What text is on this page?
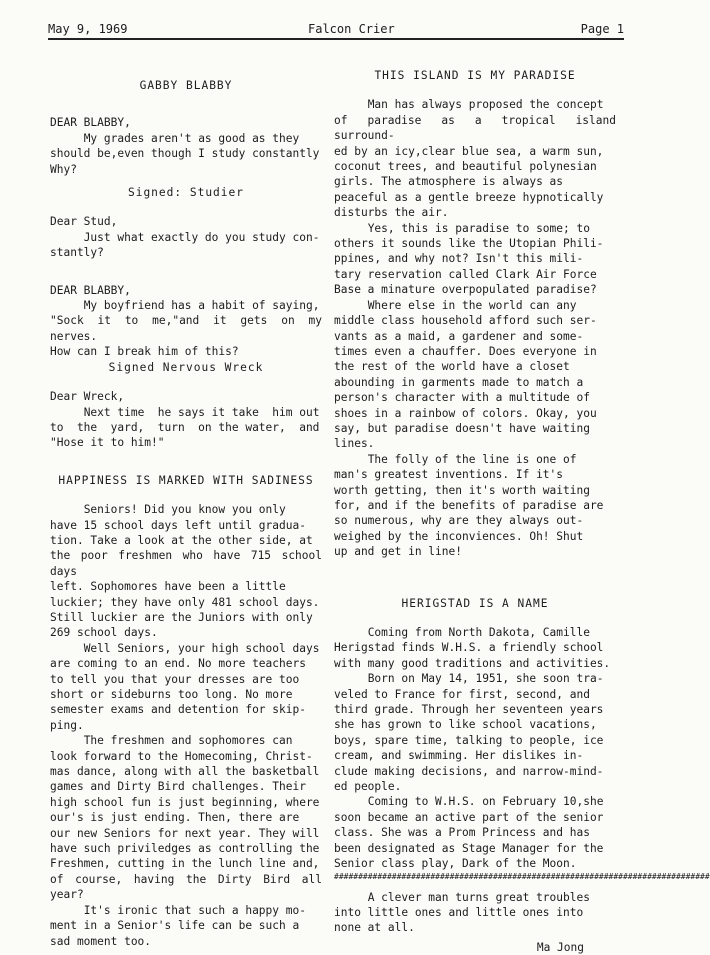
May 9, 1969	Falcon Crier	Page 1
GABBY BLABBY

DEAR BLABBY,
My grades aren't as good as they
should be,even though I study constantly
Why?

Signed: Studier

Dear Stud,
Just what exactly do you study con-
stantly?

DEAR BLABBY,
My boyfriend has a habit of saying,
"Sock it to me,"and it gets on my nerves.
How can I break him of this?

Signed Nervous Wreck

Dear Wreck,
Next time  he says it take  him out
to  the  yard,  turn  on the water,  and
"Hose it to him!"

HAPPINESS IS MARKED WITH SADINESS

Seniors! Did you know you only
have 15 school days left until gradua-
tion. Take a look at the other side, at
the poor freshmen who have 715 school days
left. Sophomores have been a little
luckier; they have only 481 school days.
Still luckier are the Juniors with only
269 school days.

Well Seniors, your high school days
are coming to an end. No more teachers
to tell you that your dresses are too
short or sideburns too long. No more
semester exams and detention for skip-
ping.

The freshmen and sophomores can
look forward to the Homecoming, Christ-
mas dance, along with all the basketball
games and Dirty Bird challenges. Their
high school fun is just beginning, where
our's is just ending. Then, there are
our new Seniors for next year. They will
have such priviledges as controlling the
Freshmen, cutting in the lunch line and,
of course, having the Dirty Bird all year?

It's ironic that such a happy mo-
ment in a Senior's life can be such a
sad moment too.

THIS ISLAND IS MY PARADISE

Man has always proposed the concept
of paradise as a tropical island surround-
ed by an icy,clear blue sea, a warm sun,
coconut trees, and beautiful polynesian
girls. The atmosphere is always as
peaceful as a gentle breeze hypnotically
disturbs the air.

Yes, this is paradise to some; to
others it sounds like the Utopian Phili-
ppines, and why not? Isn't this mili-
tary reservation called Clark Air Force
Base a minature overpopulated paradise?

Where else in the world can any
middle class household afford such ser-
vants as a maid, a gardener and some-
times even a chauffer. Does everyone in
the rest of the world have a closet
abounding in garments made to match a
person's character with a multitude of
shoes in a rainbow of colors. Okay, you
say, but paradise doesn't have waiting
lines.

The folly of the line is one of
man's greatest inventions. If it's
worth getting, then it's worth waiting
for, and if the benefits of paradise are
so numerous, why are they always out-
weighed by the inconviences. Oh! Shut
up and get in line!

HERIGSTAD IS A NAME

Coming from North Dakota, Camille
Herigstad finds W.H.S. a friendly school
with many good traditions and activities.

Born on May 14, 1951, she soon tra-
veled to France for first, second, and
third grade. Through her seventeen years
she has grown to like school vacations,
boys, spare time, talking to people, ice
cream, and swimming. Her dislikes in-
clude making decisions, and narrow-mind-
ed people.

Coming to W.H.S. on February 10,she
soon became an active part of the senior
class. She was a Prom Princess and has
been designated as Stage Manager for the
Senior class play, Dark of the Moon.

##############################################################################

A clever man turns great troubles
into little ones and little ones into
none at all.

Ma Jong
